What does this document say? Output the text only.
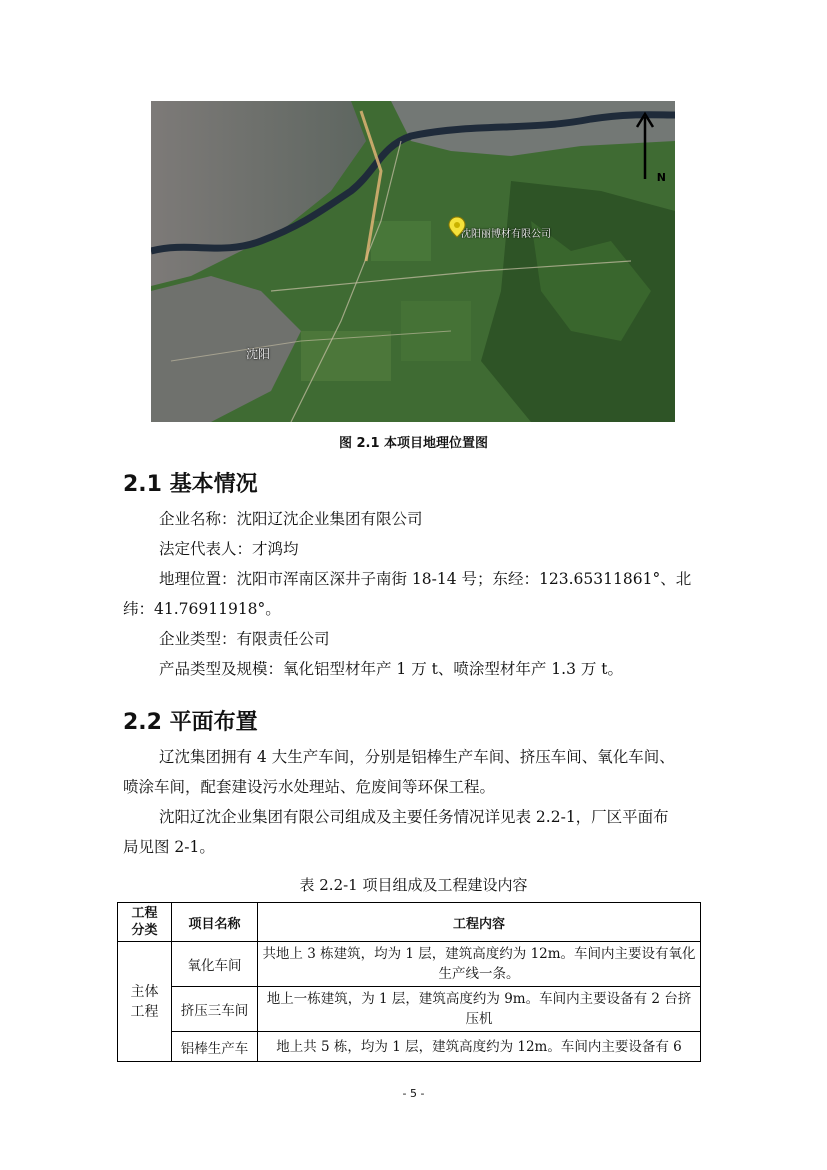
沈阳
沈阳丽博材有限公司
N
图 2.1 本项目地理位置图
2.1 基本情况
企业名称：沈阳辽沈企业集团有限公司
法定代表人：才鸿均
地理位置：沈阳市浑南区深井子南街 18-14 号；东经：123.65311861°、北
纬：41.76911918°。
企业类型：有限责任公司
产品类型及规模：氧化铝型材年产 1 万 t、喷涂型材年产 1.3 万 t。
2.2 平面布置
辽沈集团拥有 4 大生产车间，分别是铝棒生产车间、挤压车间、氧化车间、
喷涂车间，配套建设污水处理站、危废间等环保工程。
沈阳辽沈企业集团有限公司组成及主要任务情况详见表 2.2-1，厂区平面布
局见图 2-1。
表 2.2-1 项目组成及工程建设内容
工程
分类	项目名称	工程内容
主体
工程	氧化车间	共地上 3 栋建筑，均为 1 层，建筑高度约为 12m。车间内主要设有氧化生产线一条。
	挤压三车间	地上一栋建筑，为 1 层，建筑高度约为 9m。车间内主要设备有 2 台挤压机
	铝棒生产车	地上共 5 栋，均为 1 层，建筑高度约为 12m。车间内主要设备有 6
- 5 -
